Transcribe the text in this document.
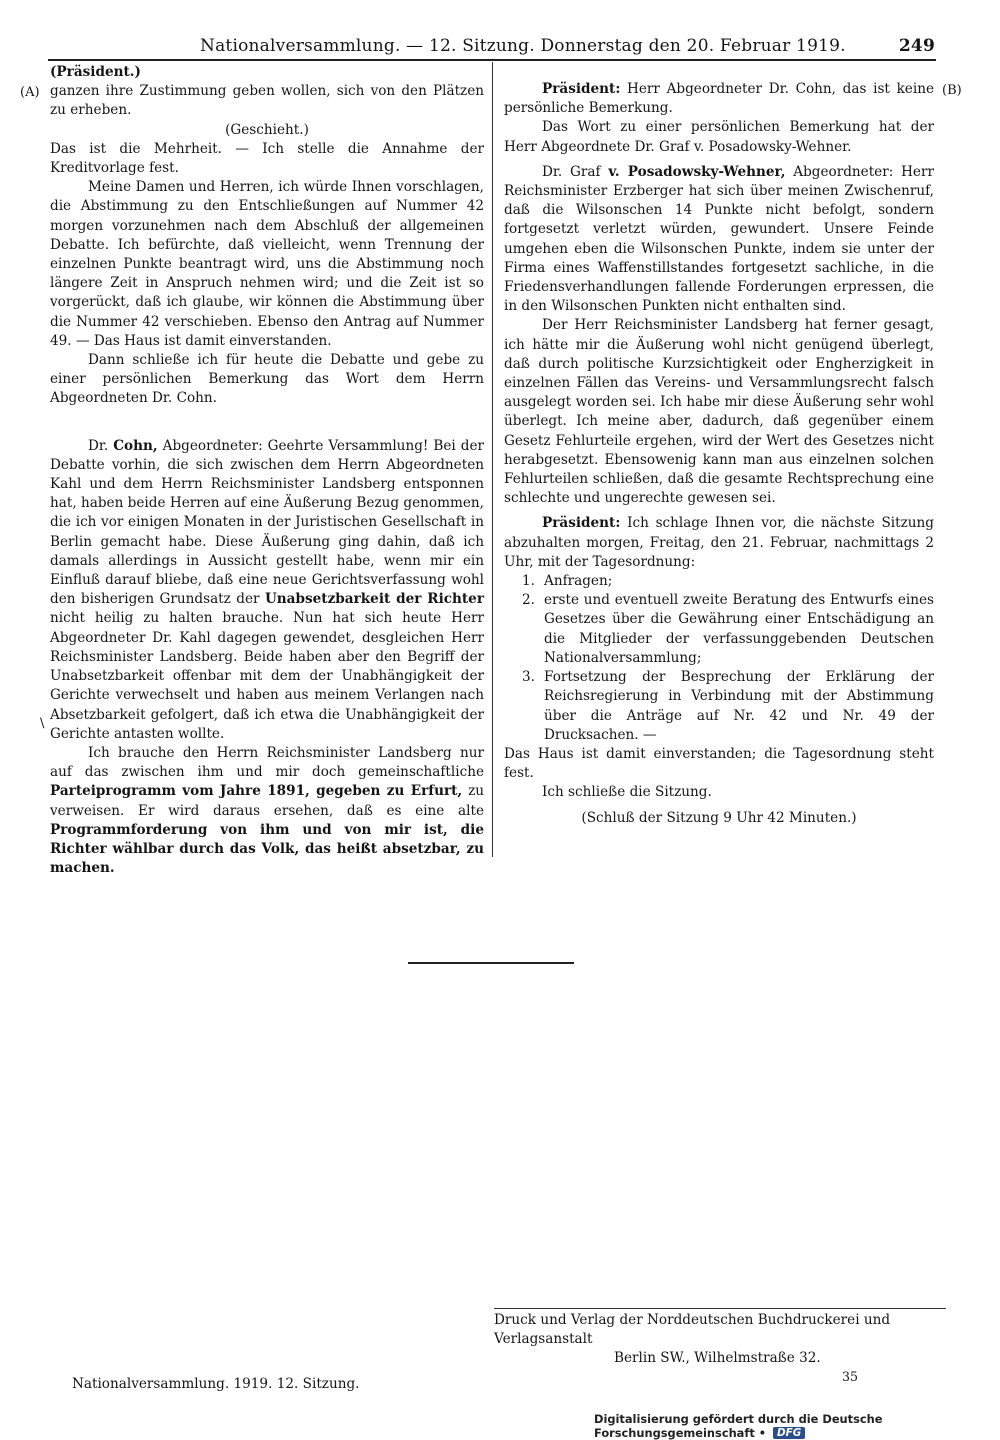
Nationalversammlung. — 12. Sitzung. Donnerstag den 20. Februar 1919.	249
(A)	(B)
\

(Präsident.)

ganzen ihre Zustimmung geben wollen, sich von den Plätzen zu erheben.

(Geschieht.)

Das ist die Mehrheit. — Ich stelle die Annahme der Kreditvorlage fest.

Meine Damen und Herren, ich würde Ihnen vorschlagen, die Abstimmung zu den Entschließungen auf Nummer 42 morgen vorzunehmen nach dem Abschluß der allgemeinen Debatte. Ich befürchte, daß vielleicht, wenn Trennung der einzelnen Punkte beantragt wird, uns die Abstimmung noch längere Zeit in Anspruch nehmen wird; und die Zeit ist so vorgerückt, daß ich glaube, wir können die Abstimmung über die Nummer 42 verschieben. Ebenso den Antrag auf Nummer 49. — Das Haus ist damit einverstanden.

Dann schließe ich für heute die Debatte und gebe zu einer persönlichen Bemerkung das Wort dem Herrn Abgeordneten Dr. Cohn.

Dr. Cohn, Abgeordneter: Geehrte Versammlung! Bei der Debatte vorhin, die sich zwischen dem Herrn Abgeordneten Kahl und dem Herrn Reichsminister Landsberg entsponnen hat, haben beide Herren auf eine Äußerung Bezug genommen, die ich vor einigen Monaten in der Juristischen Gesellschaft in Berlin gemacht habe. Diese Äußerung ging dahin, daß ich damals allerdings in Aussicht gestellt habe, wenn mir ein Einfluß darauf bliebe, daß eine neue Gerichtsverfassung wohl den bisherigen Grundsatz der Unabsetzbarkeit der Richter nicht heilig zu halten brauche. Nun hat sich heute Herr Abgeordneter Dr. Kahl dagegen gewendet, desgleichen Herr Reichsminister Landsberg. Beide haben aber den Begriff der Unabsetzbarkeit offenbar mit dem der Unabhängigkeit der Gerichte verwechselt und haben aus meinem Verlangen nach Absetzbarkeit gefolgert, daß ich etwa die Unabhängigkeit der Gerichte antasten wollte.

Ich brauche den Herrn Reichsminister Landsberg nur auf das zwischen ihm und mir doch gemeinschaftliche Parteiprogramm vom Jahre 1891, gegeben zu Erfurt, zu verweisen. Er wird daraus ersehen, daß es eine alte Programmforderung von ihm und von mir ist, die Richter wählbar durch das Volk, das heißt absetzbar, zu machen.

Präsident: Herr Abgeordneter Dr. Cohn, das ist keine persönliche Bemerkung.

Das Wort zu einer persönlichen Bemerkung hat der Herr Abgeordnete Dr. Graf v. Posadowsky-Wehner.

Dr. Graf v. Posadowsky-Wehner, Abgeordneter: Herr Reichsminister Erzberger hat sich über meinen Zwischenruf, daß die Wilsonschen 14 Punkte nicht befolgt, sondern fortgesetzt verletzt würden, gewundert. Unsere Feinde umgehen eben die Wilsonschen Punkte, indem sie unter der Firma eines Waffenstillstandes fortgesetzt sachliche, in die Friedensverhandlungen fallende Forderungen erpressen, die in den Wilsonschen Punkten nicht enthalten sind.

Der Herr Reichsminister Landsberg hat ferner gesagt, ich hätte mir die Äußerung wohl nicht genügend überlegt, daß durch politische Kurzsichtigkeit oder Engherzigkeit in einzelnen Fällen das Vereins- und Versammlungsrecht falsch ausgelegt worden sei. Ich habe mir diese Äußerung sehr wohl überlegt. Ich meine aber, dadurch, daß gegenüber einem Gesetz Fehlurteile ergehen, wird der Wert des Gesetzes nicht herabgesetzt. Ebensowenig kann man aus einzelnen solchen Fehlurteilen schließen, daß die gesamte Rechtsprechung eine schlechte und ungerechte gewesen sei.

Präsident: Ich schlage Ihnen vor, die nächste Sitzung abzuhalten morgen, Freitag, den 21. Februar, nachmittags 2 Uhr, mit der Tagesordnung:

1. Anfragen;
2. erste und eventuell zweite Beratung des Entwurfs eines Gesetzes über die Gewährung einer Entschädigung an die Mitglieder der verfassunggebenden Deutschen Nationalversammlung;
3. Fortsetzung der Besprechung der Erklärung der Reichsregierung in Verbindung mit der Abstimmung über die Anträge auf Nr. 42 und Nr. 49 der Drucksachen. —

Das Haus ist damit einverstanden; die Tagesordnung steht fest.

Ich schließe die Sitzung.

(Schluß der Sitzung 9 Uhr 42 Minuten.)

Druck und Verlag der Norddeutschen Buchdruckerei und Verlagsanstalt
Berlin SW., Wilhelmstraße 32.
Nationalversammlung. 1919. 12. Sitzung.	35
Digitalisierung gefördert durch die Deutsche Forschungsgemeinschaft • DFG
